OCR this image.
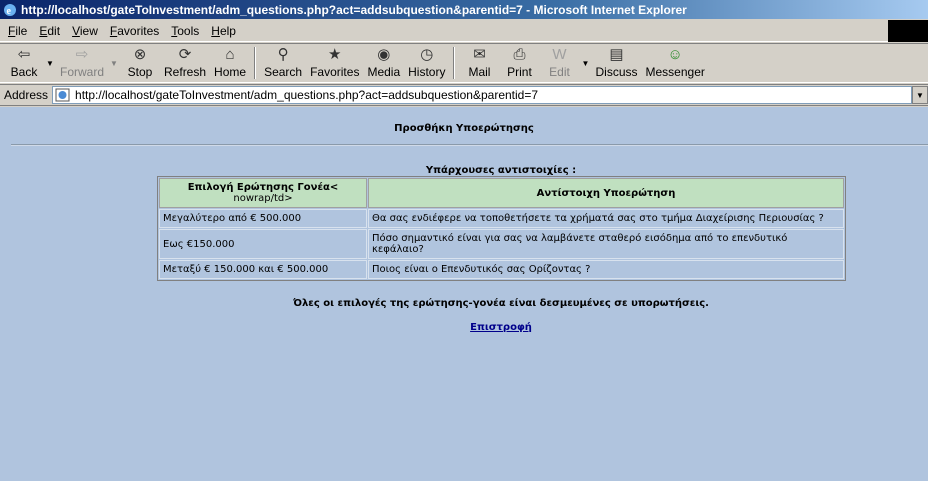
e http://localhost/gateToInvestment/adm_questions.php?act=addsubquestion&parentid=7 - Microsoft Internet Explorer
File	Edit	View	Favorites	Tools	Help
⇦
Back
▼ ⇨
Forward
▼ ⊗
Stop
⟳
Refresh
⌂
Home
⚲
Search
★
Favorites
◉
Media
◷
History
✉
Mail
⎙
Print
W
Edit
▼ ▤
Discuss
☺
Messenger
Address	http://localhost/gateToInvestment/adm_questions.php?act=addsubquestion&parentid=7	▼
Προσθήκη Υποερώτησης
Υπάρχουσες αντιστοιχίες :
Επιλογή Ερώτησης Γονέα<
nowrap/td>	Αντίστοιχη Υποερώτηση
Μεγαλύτερο από € 500.000	Θα σας ενδιέφερε να τοποθετήσετε τα χρήματά σας στο τμήμα Διαχείρισης Περιουσίας ?
Εως €150.000	Πόσο σημαντικό είναι για σας να λαμβάνετε σταθερό εισόδημα από το επενδυτικό κεφάλαιο?
Μεταξύ € 150.000 και € 500.000	Ποιος είναι ο Επενδυτικός σας Ορίζοντας ?
Όλες οι επιλογές της ερώτησης-γονέα είναι δεσμευμένες σε υπορωτήσεις.
Επιστροφή
